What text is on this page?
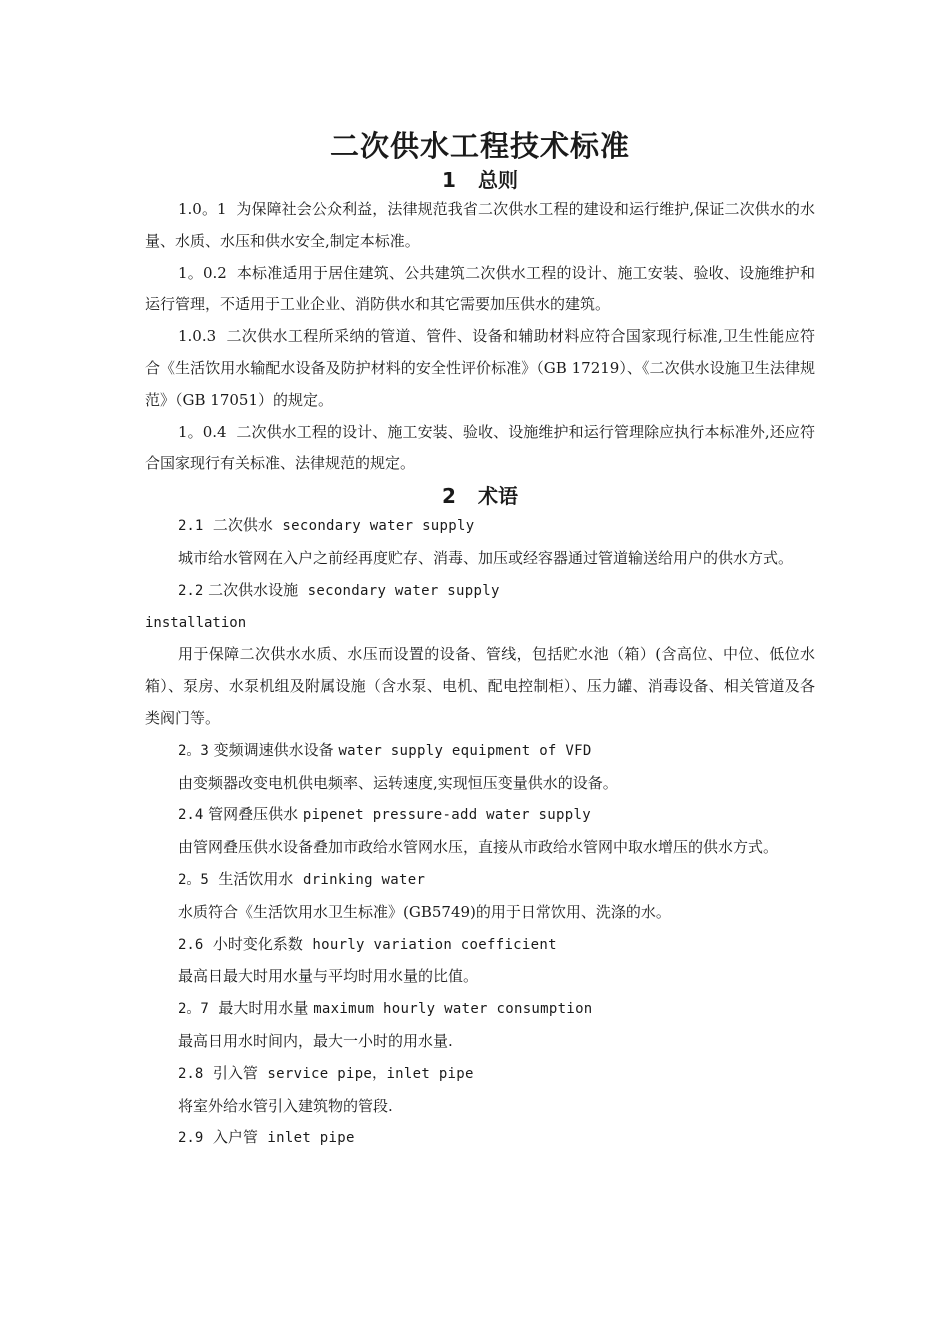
二次供水工程技术标准
1 总则

1.0。1 为保障社会公众利益，法律规范我省二次供水工程的建设和运行维护,保证二次供水的水量、水质、水压和供水安全,制定本标准。

1。0.2 本标准适用于居住建筑、公共建筑二次供水工程的设计、施工安装、验收、设施维护和运行管理，不适用于工业企业、消防供水和其它需要加压供水的建筑。

1.0.3 二次供水工程所采纳的管道、管件、设备和辅助材料应符合国家现行标准,卫生性能应符合《生活饮用水输配水设备及防护材料的安全性评价标准》（GB 17219）、《二次供水设施卫生法律规范》（GB 17051）的规定。

1。0.4 二次供水工程的设计、施工安装、验收、设施维护和运行管理除应执行本标准外,还应符合国家现行有关标准、法律规范的规定。

2 术语

2.1 二次供水 secondary water supply

城市给水管网在入户之前经再度贮存、消毒、加压或经容器通过管道输送给用户的供水方式。

2.2 二次供水设施 secondary water supply

installation

用于保障二次供水水质、水压而设置的设备、管线，包括贮水池（箱）(含高位、中位、低位水箱）、泵房、水泵机组及附属设施（含水泵、电机、配电控制柜）、压力罐、消毒设备、相关管道及各类阀门等。

2。3 变频调速供水设备 water supply equipment of VFD

由变频器改变电机供电频率、运转速度,实现恒压变量供水的设备。

2.4 管网叠压供水 pipenet pressure-add water supply

由管网叠压供水设备叠加市政给水管网水压，直接从市政给水管网中取水增压的供水方式。

2。5 生活饮用水 drinking water

水质符合《生活饮用水卫生标准》(GB5749)的用于日常饮用、洗涤的水。

2.6 小时变化系数 hourly variation coefficient

最高日最大时用水量与平均时用水量的比值。

2。7 最大时用水量 maximum hourly water consumption

最高日用水时间内，最大一小时的用水量.

2.8 引入管 service pipe，inlet pipe

将室外给水管引入建筑物的管段.

2.9 入户管 inlet pipe
